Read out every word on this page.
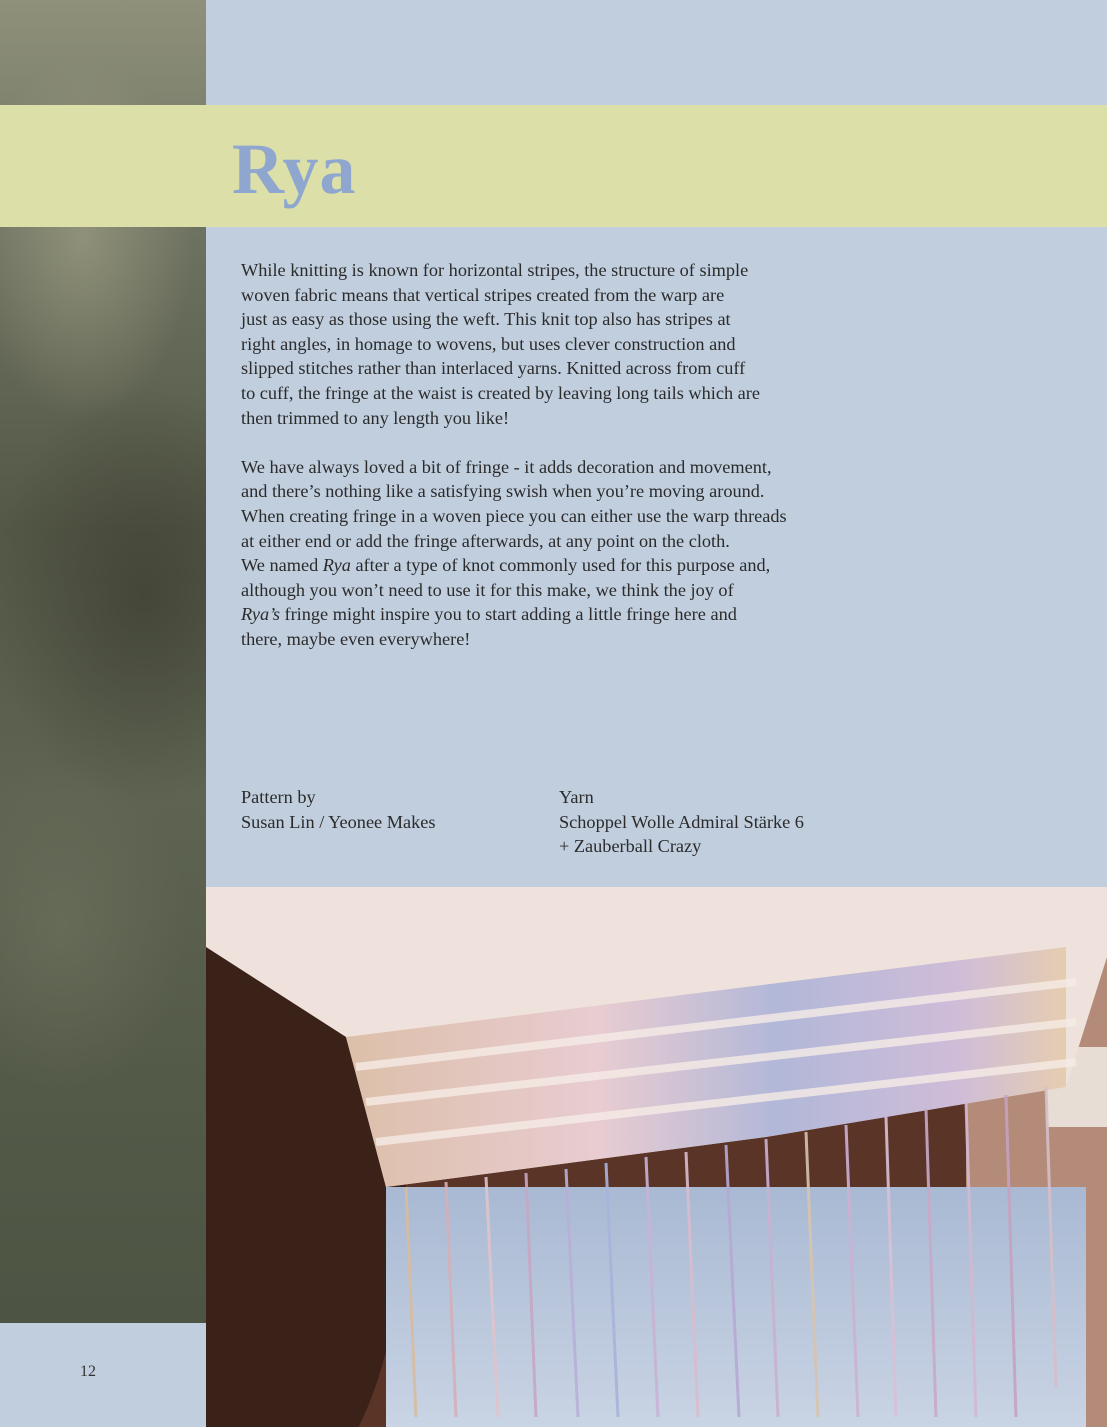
12
Rya

While knitting is known for horizontal stripes, the structure of simple
woven fabric means that vertical stripes created from the warp are
just as easy as those using the weft. This knit top also has stripes at
right angles, in homage to wovens, but uses clever construction and
slipped stitches rather than interlaced yarns. Knitted across from cuff
to cuff, the fringe at the waist is created by leaving long tails which are
then trimmed to any length you like!

We have always loved a bit of fringe - it adds decoration and movement,
and there’s nothing like a satisfying swish when you’re moving around.
When creating fringe in a woven piece you can either use the warp threads
at either end or add the fringe afterwards, at any point on the cloth.
We named Rya after a type of knot commonly used for this purpose and,
although you won’t need to use it for this make, we think the joy of
Rya’s fringe might inspire you to start adding a little fringe here and
there, maybe even everywhere!

Pattern by
Susan Lin / Yeonee Makes
Yarn
Schoppel Wolle Admiral Stärke 6
+ Zauberball Crazy
